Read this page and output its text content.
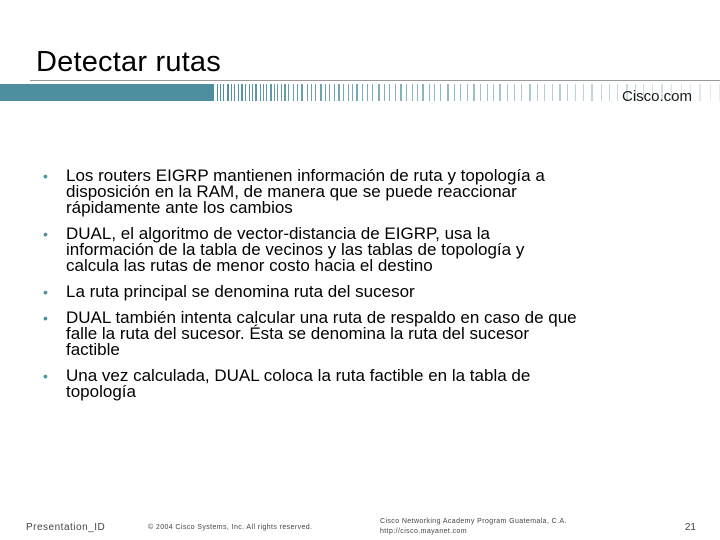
Detectar rutas
Cisco.com
• Los routers EIGRP mantienen información de ruta y topología a
disposición en la RAM, de manera que se puede reaccionar
rápidamente ante los cambios
• DUAL, el algoritmo de vector-distancia de EIGRP, usa la
información de la tabla de vecinos y las tablas de topología y
calcula las rutas de menor costo hacia el destino
• La ruta principal se denomina ruta del sucesor
• DUAL también intenta calcular una ruta de respaldo en caso de que
falle la ruta del sucesor. Ésta se denomina la ruta del sucesor
factible
• Una vez calculada, DUAL coloca la ruta factible en la tabla de
topología
Presentation_ID	© 2004 Cisco Systems, Inc. All rights reserved.
Cisco Networking Academy Program Guatemala, C.A.
http://cisco.mayanet.com	21
